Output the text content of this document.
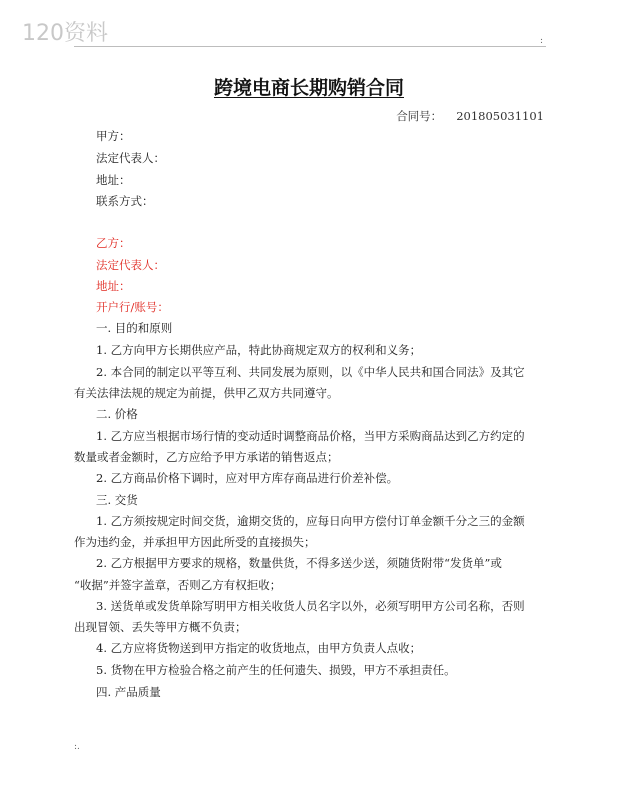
120资料	:
跨境电商长期购销合同
合同号： 201805031101
甲方：
法定代表人：
地址：
联系方式：
乙方：
法定代表人：
地址：
开户行/账号：
一. 目的和原则
1. 乙方向甲方长期供应产品，特此协商规定双方的权利和义务；
2. 本合同的制定以平等互利、共同发展为原则，以《中华人民共和国合同法》及其它
有关法律法规的规定为前提，供甲乙双方共同遵守。
二. 价格
1. 乙方应当根据市场行情的变动适时调整商品价格，当甲方采购商品达到乙方约定的
数量或者金额时，乙方应给予甲方承诺的销售返点；
2. 乙方商品价格下调时，应对甲方库存商品进行价差补偿。
三. 交货
1. 乙方须按规定时间交货，逾期交货的，应每日向甲方偿付订单金额千分之三的金额
作为违约金，并承担甲方因此所受的直接损失；
2. 乙方根据甲方要求的规格，数量供货，不得多送少送，须随货附带“发货单”或
“收据”并签字盖章，否则乙方有权拒收；
3. 送货单或发货单除写明甲方相关收货人员名字以外，必须写明甲方公司名称，否则
出现冒领、丢失等甲方概不负责；
4. 乙方应将货物送到甲方指定的收货地点，由甲方负责人点收；
5. 货物在甲方检验合格之前产生的任何遗失、损毁，甲方不承担责任。
四. 产品质量
:.
